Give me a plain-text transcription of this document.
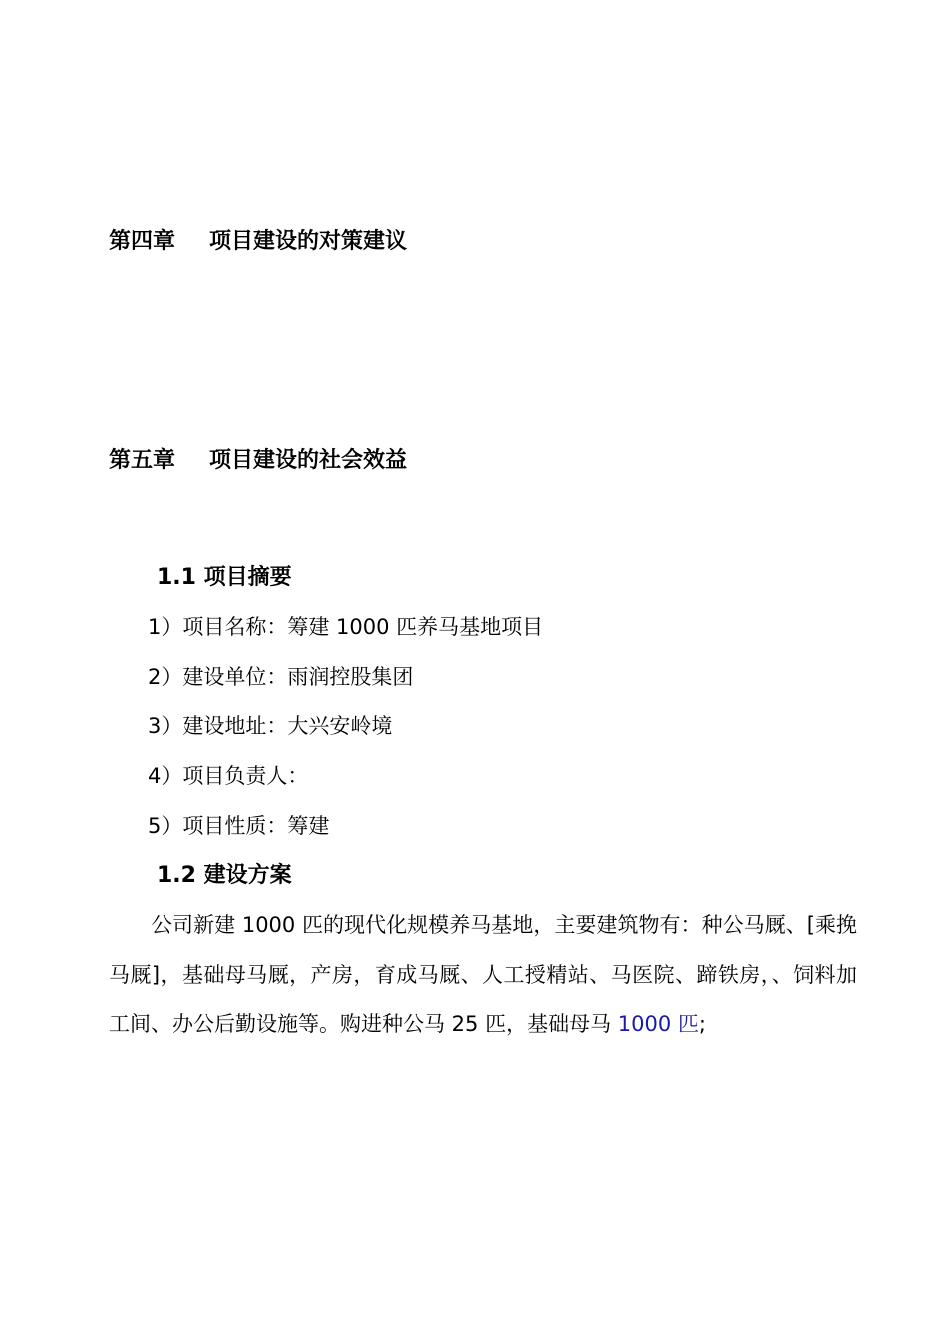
第四章 项目建设的对策建议
第五章 项目建设的社会效益
1.1 项目摘要
1）项目名称：筹建 1000 匹养马基地项目
2）建设单位：雨润控股集团
3）建设地址：大兴安岭境
4）项目负责人：
5）项目性质：筹建
1.2 建设方案
公司新建 1000 匹的现代化规模养马基地，主要建筑物有：种公马厩、[乘挽马厩]，基础母马厩，产房，育成马厩、人工授精站、马医院、蹄铁房，、饲料加工间、办公后勤设施等。购进种公马 25 匹，基础母马 1000 匹;
